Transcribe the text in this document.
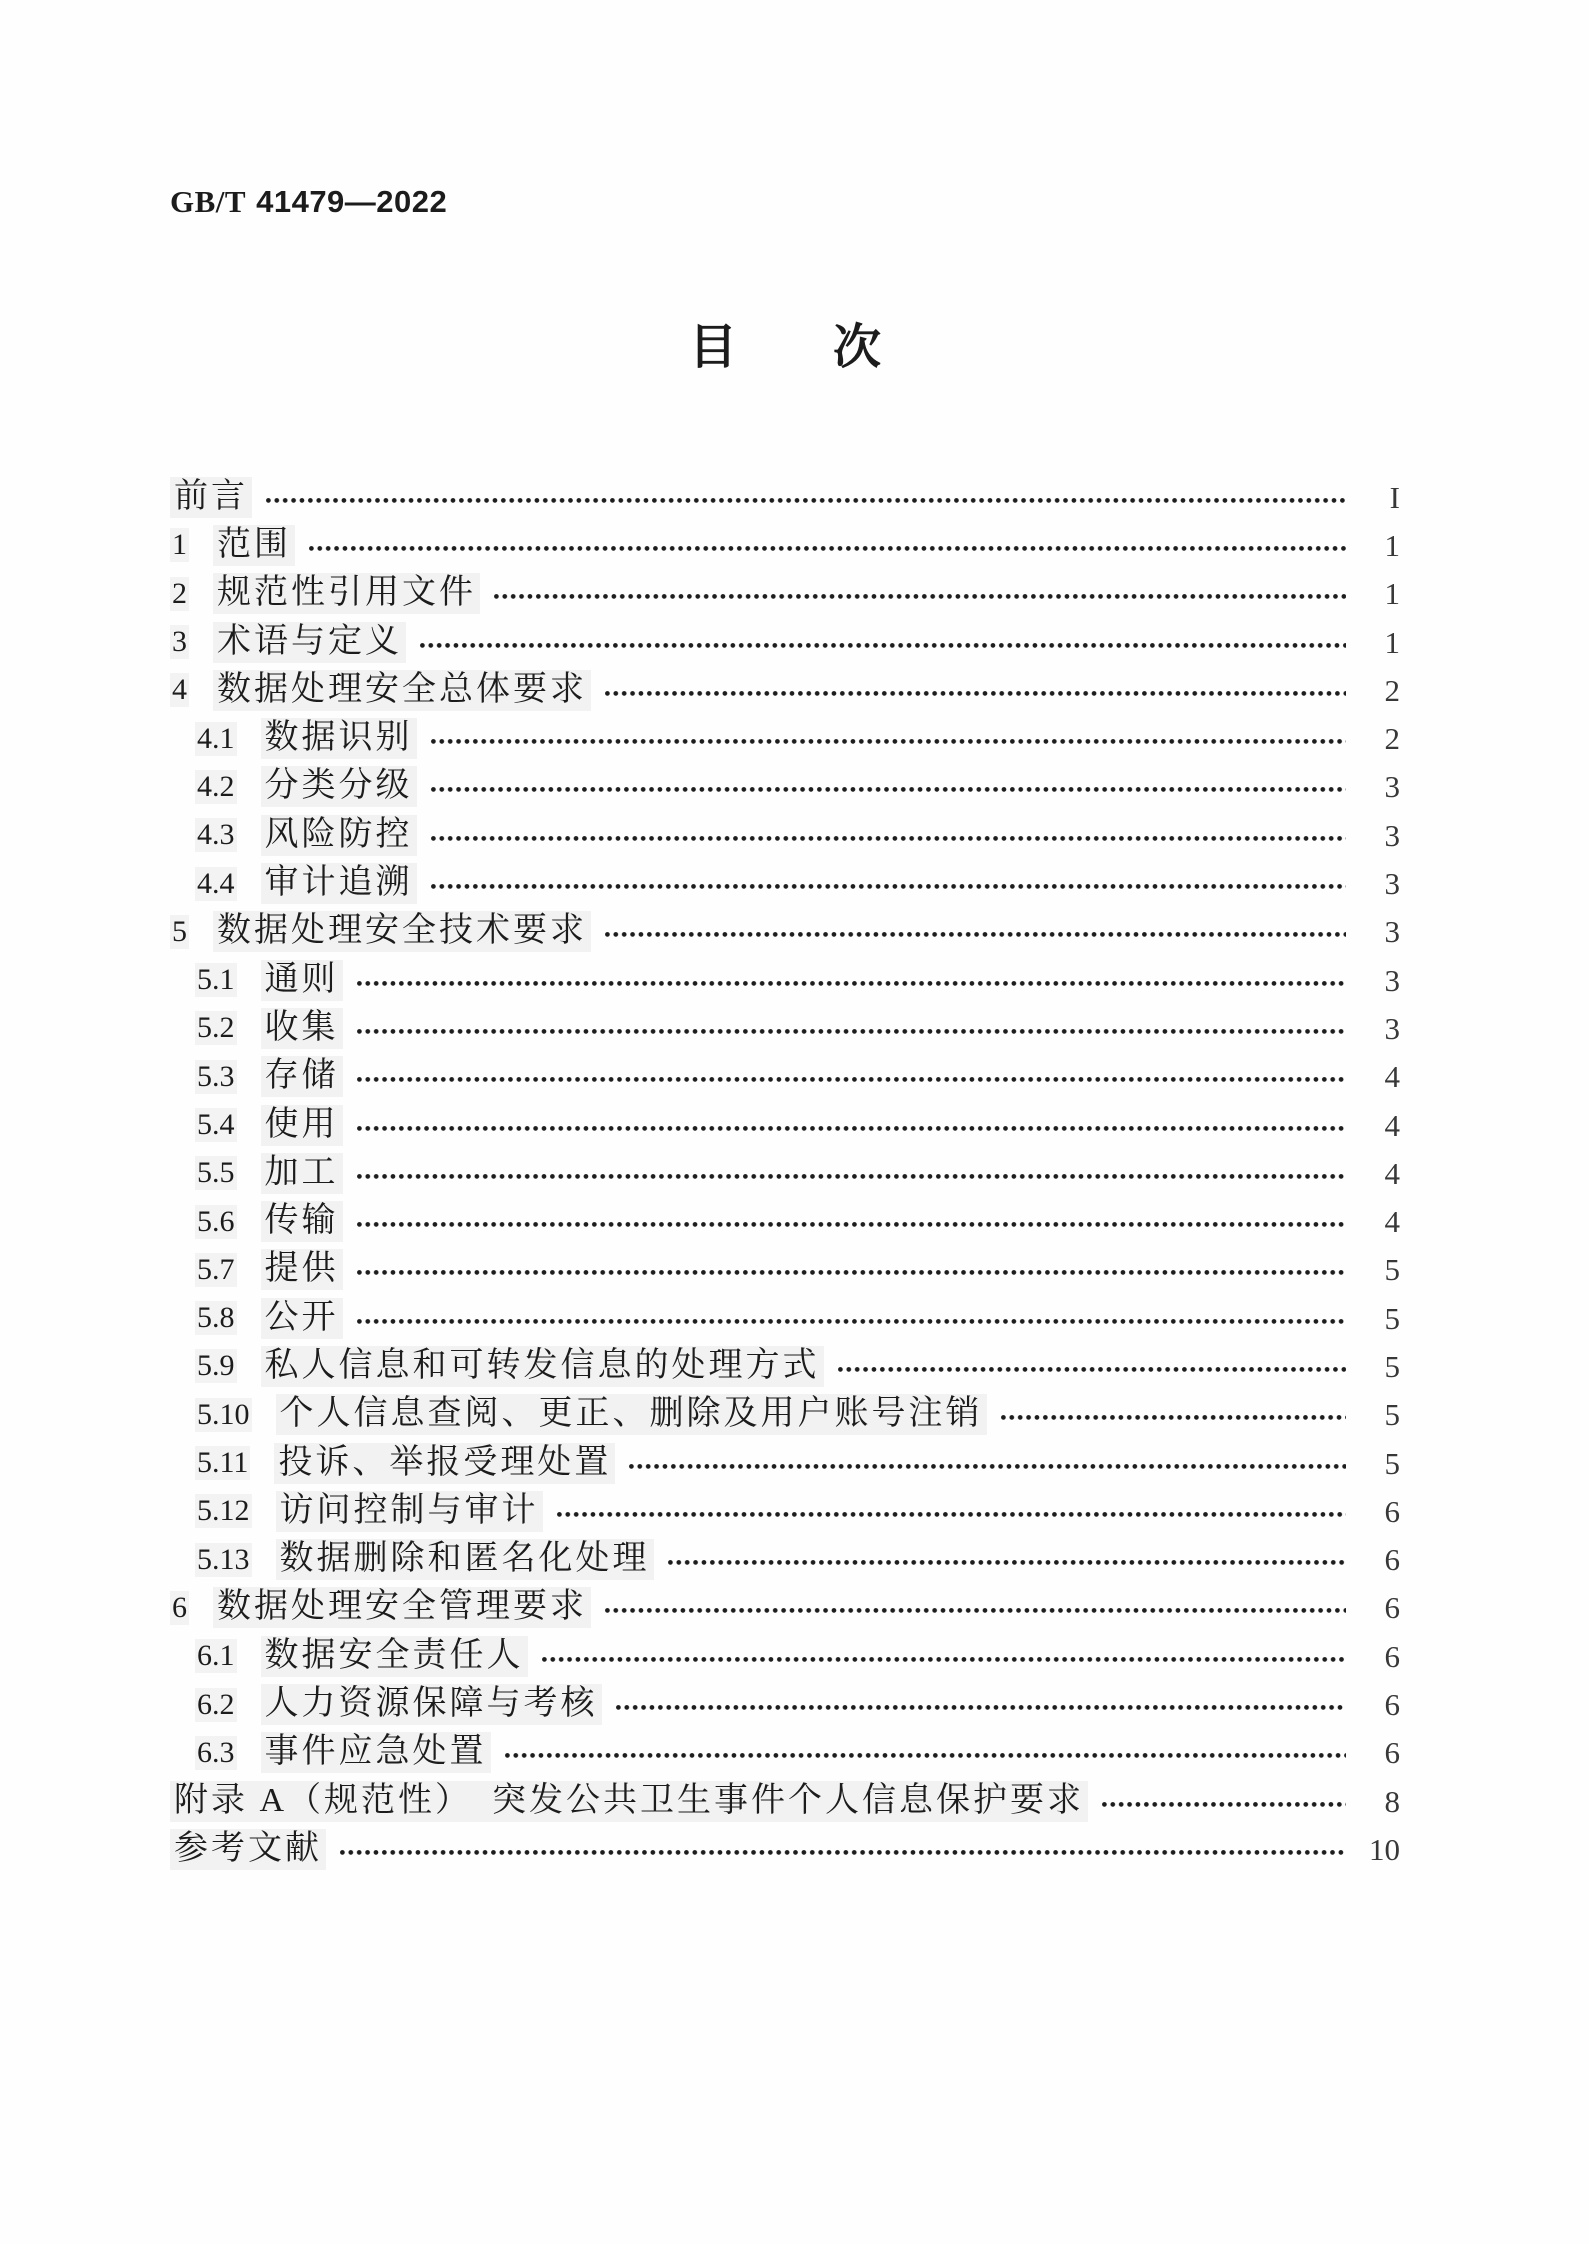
GB/T 41479—2022
目　　次
前言	I
1 范围	1
2 规范性引用文件	1
3 术语与定义	1
4 数据处理安全总体要求	2
4.1 数据识别	2
4.2 分类分级	3
4.3 风险防控	3
4.4 审计追溯	3
5 数据处理安全技术要求	3
5.1 通则	3
5.2 收集	3
5.3 存储	4
5.4 使用	4
5.5 加工	4
5.6 传输	4
5.7 提供	5
5.8 公开	5
5.9 私人信息和可转发信息的处理方式	5
5.10 个人信息查阅、更正、删除及用户账号注销	5
5.11 投诉、举报受理处置	5
5.12 访问控制与审计	6
5.13 数据删除和匿名化处理	6
6 数据处理安全管理要求	6
6.1 数据安全责任人	6
6.2 人力资源保障与考核	6
6.3 事件应急处置	6
附录 A（规范性）　突发公共卫生事件个人信息保护要求	8
参考文献	10
